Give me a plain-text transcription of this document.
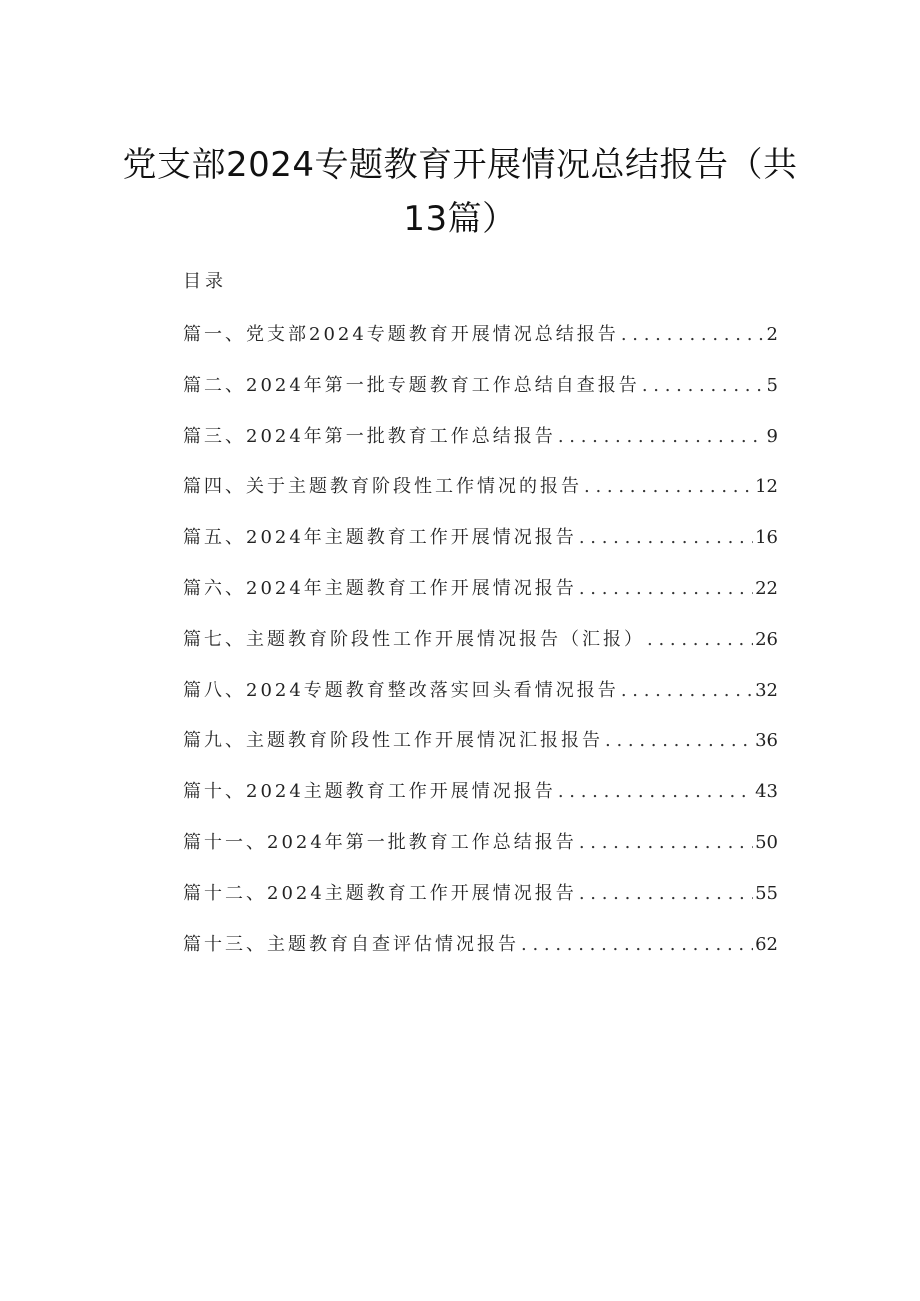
党支部2024专题教育开展情况总结报告（共
13篇）
目录
篇一、党支部2024专题教育开展情况总结报告 . . .	2
篇二、2024年第一批专题教育工作总结自查报告 . . .	5
篇三、2024年第一批教育工作总结报告 . . .	9
篇四、关于主题教育阶段性工作情况的报告 . . .	12
篇五、2024年主题教育工作开展情况报告 . . .	16
篇六、2024年主题教育工作开展情况报告 . . .	22
篇七、主题教育阶段性工作开展情况报告（汇报） . . .	26
篇八、2024专题教育整改落实回头看情况报告 . . .	32
篇九、主题教育阶段性工作开展情况汇报报告 . . .	36
篇十、2024主题教育工作开展情况报告 . . .	43
篇十一、2024年第一批教育工作总结报告 . . .	50
篇十二、2024主题教育工作开展情况报告 . . .	55
篇十三、主题教育自查评估情况报告 . . .	62
